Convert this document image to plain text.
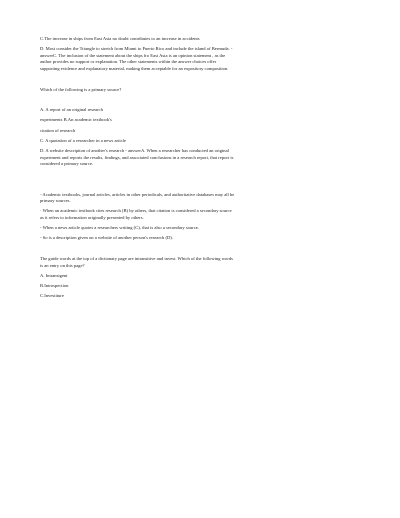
C.The increase in ships from East Asia no doubt contributes to an increase in accidents

D. Most consider the Triangle to stretch from Miami to Puerto Rico and include the island of Bermuda. - answerC. The inclusion of the statement about the ships fro East Asia is an opinion statement , as the author provides no support or explanation. The other statements within the answer choices offer supporting evidence and explanatory material, making them acceptable for an expository composition.

Which of the following is a primary source?

A. A report of an original research

experiments B.An academic textbook's

citation of research

C. A quotation of a researcher in a news article

D. A website description of another's research - answerA. When a researcher has conducted an original experiment and reports the results, findings, and associated conclusions in a research report, that report is considered a primary source.

- Academic textbooks, journal articles, articles in other periodicals, and authoritative databases may all be primary sources.

· When an academic textbook cites research (B) by others, that citation is considered a secondary source as it refers to information originally presented by others.

- When a news article quotes a researchers writing (C), that is also a secondary source.

- So is a description given on a website of another person's research (D).

The guide words at the top of a dictionary page are intransitive and invest. Which of the following words is an entry on this page?

A. Intransigent

B.Introspection

C.Investiture
